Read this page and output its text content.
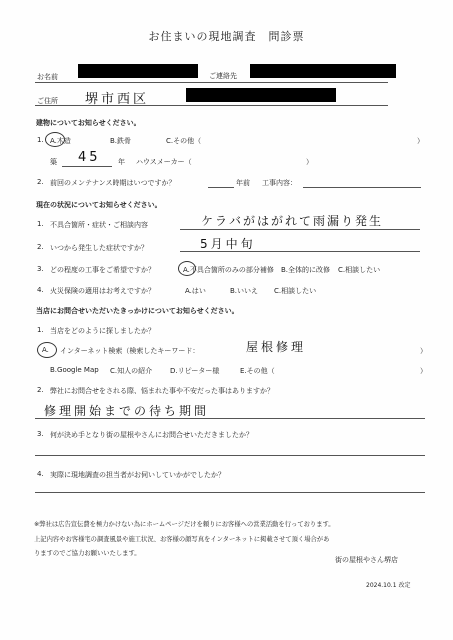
お住まいの現地調査　問診票
お名前	ご連絡先
ご住所 堺市西区
建物についてお知らせください。
1. A.木造	B.鉄骨	C.その他（	）
築 45 年 ハウスメーカー（	）
2. 前回のメンテナンス時期はいつですか？	年前 工事内容：
現在の状況についてお知らせください。
1. 不具合箇所・症状・ご相談内容	ケラバがはがれて雨漏り発生
2. いつから発生した症状ですか？	5月中旬
3. どの程度の工事をご希望ですか？	A.不具合箇所のみの部分補修 B.全体的に改修 C.相談したい
4. 火災保険の適用はお考えですか？	A.はい	B.いいえ C.相談したい
当店にお問合せいただいたきっかけについてお知らせください。
1. 当店をどのように探しましたか？
A. インターネット検索（検索したキーワード：	屋根修理	）
B.Google Map C.知人の紹介	D.リピーター様	E.その他（	）
2. 弊社にお問合せをされる際、悩まれた事や不安だった事はありますか？
修理開始までの待ち期間
3. 何が決め手となり街の屋根やさんにお問合せいただきましたか？
4. 実際に現地調査の担当者がお伺いしていかがでしたか？
※弊社は広告宣伝費を極力かけない為にホームページだけを頼りにお客様への営業活動を行っております。
上記内容やお客様宅の調査風景や施工状況、お客様の顔写真をインターネットに掲載させて頂く場合があ
りますのでご協力お願いいたします。
街の屋根やさん堺店
2024.10.1 改定
